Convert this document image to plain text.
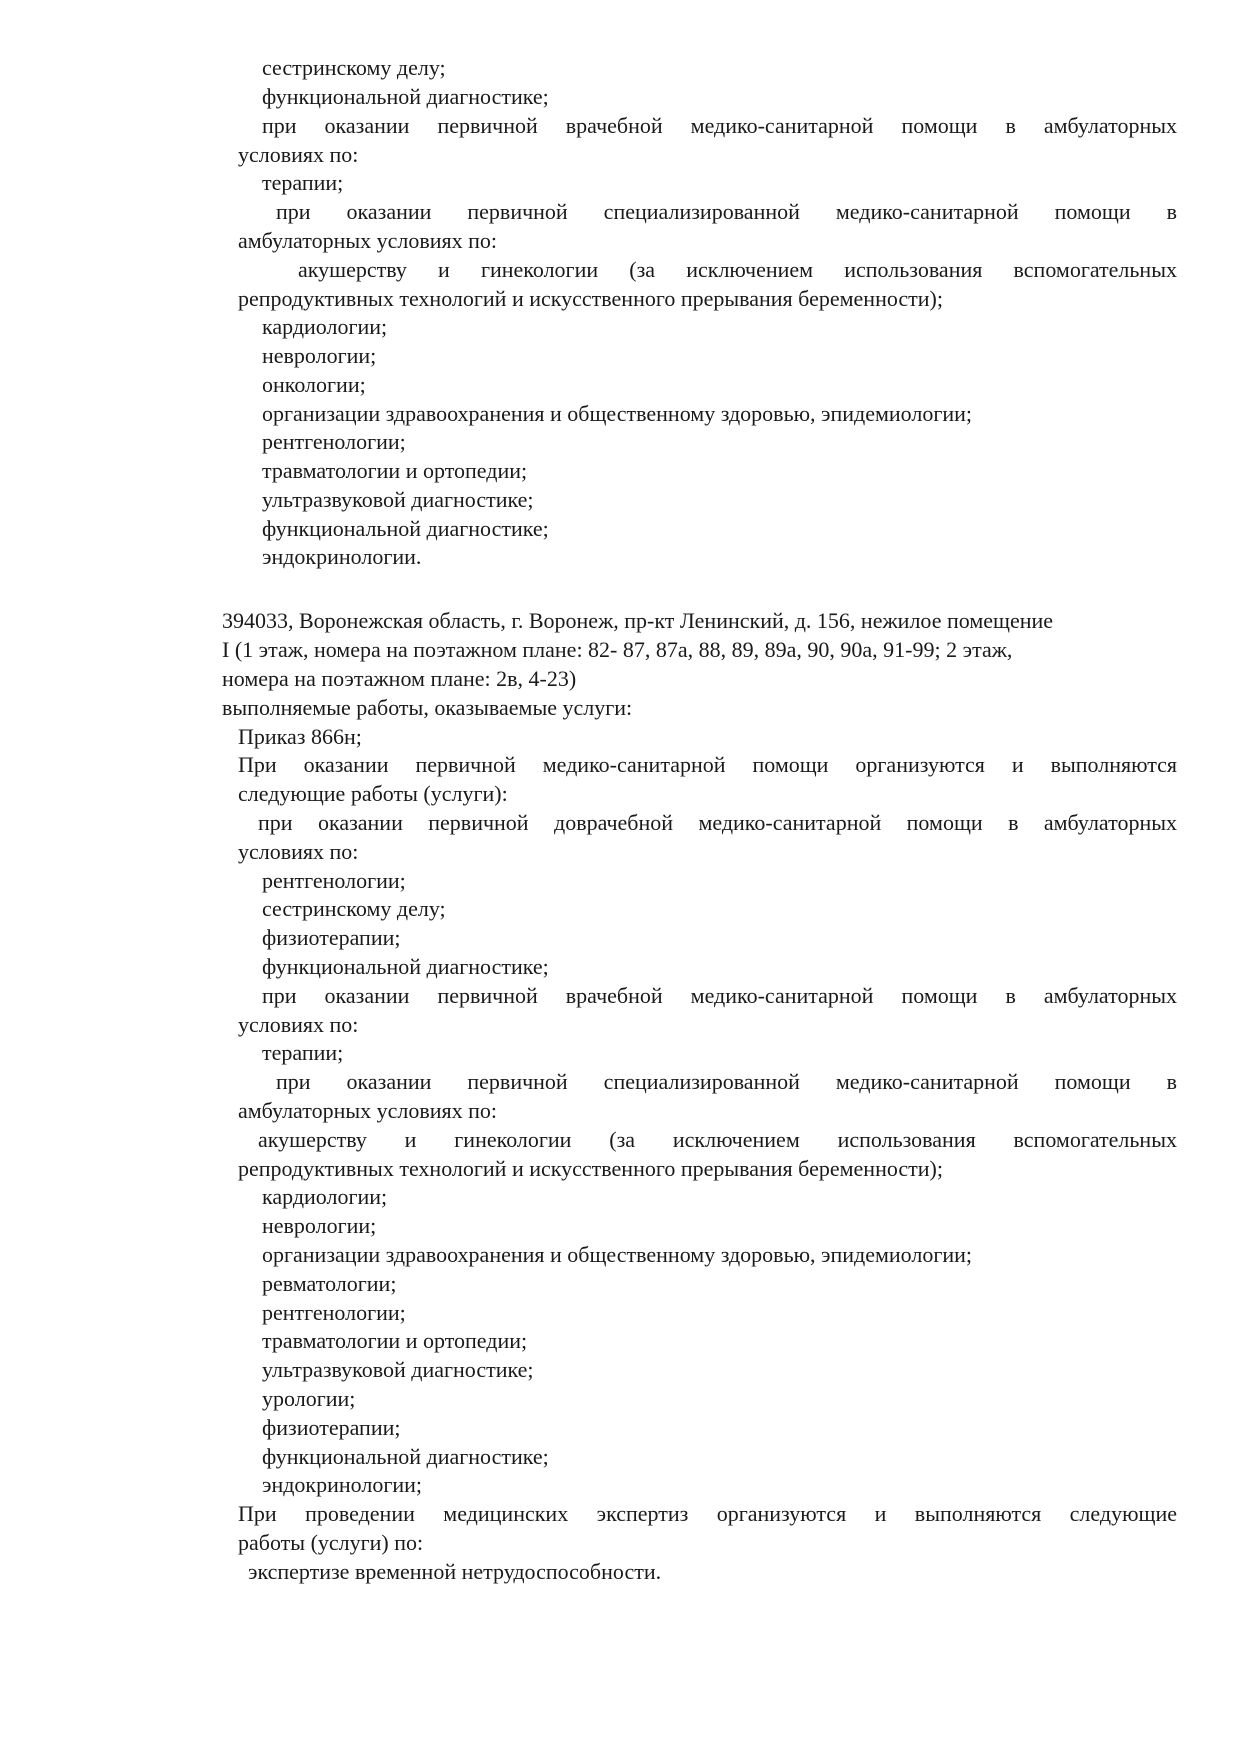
сестринскому делу;
функциональной диагностике;
при оказании первичной врачебной медико-санитарной помощи в амбулаторных
условиях по:
терапии;
при оказании первичной специализированной медико-санитарной помощи в
амбулаторных условиях по:
акушерству и гинекологии (за исключением использования вспомогательных
репродуктивных технологий и искусственного прерывания беременности);
кардиологии;
неврологии;
онкологии;
организации здравоохранения и общественному здоровью, эпидемиологии;
рентгенологии;
травматологии и ортопедии;
ультразвуковой диагностике;
функциональной диагностике;
эндокринологии.
394033, Воронежская область, г. Воронеж, пр-кт Ленинский, д. 156, нежилое помещение
I (1 этаж, номера на поэтажном плане: 82- 87, 87а, 88, 89, 89а, 90, 90а, 91-99; 2 этаж,
номера на поэтажном плане: 2в, 4-23)
выполняемые работы, оказываемые услуги:
Приказ 866н;
При оказании первичной медико-санитарной помощи организуются и выполняются
следующие работы (услуги):
при оказании первичной доврачебной медико-санитарной помощи в амбулаторных
условиях по:
рентгенологии;
сестринскому делу;
физиотерапии;
функциональной диагностике;
при оказании первичной врачебной медико-санитарной помощи в амбулаторных
условиях по:
терапии;
при оказании первичной специализированной медико-санитарной помощи в
амбулаторных условиях по:
акушерству и гинекологии (за исключением использования вспомогательных
репродуктивных технологий и искусственного прерывания беременности);
кардиологии;
неврологии;
организации здравоохранения и общественному здоровью, эпидемиологии;
ревматологии;
рентгенологии;
травматологии и ортопедии;
ультразвуковой диагностике;
урологии;
физиотерапии;
функциональной диагностике;
эндокринологии;
При проведении медицинских экспертиз организуются и выполняются следующие
работы (услуги) по:
экспертизе временной нетрудоспособности.
